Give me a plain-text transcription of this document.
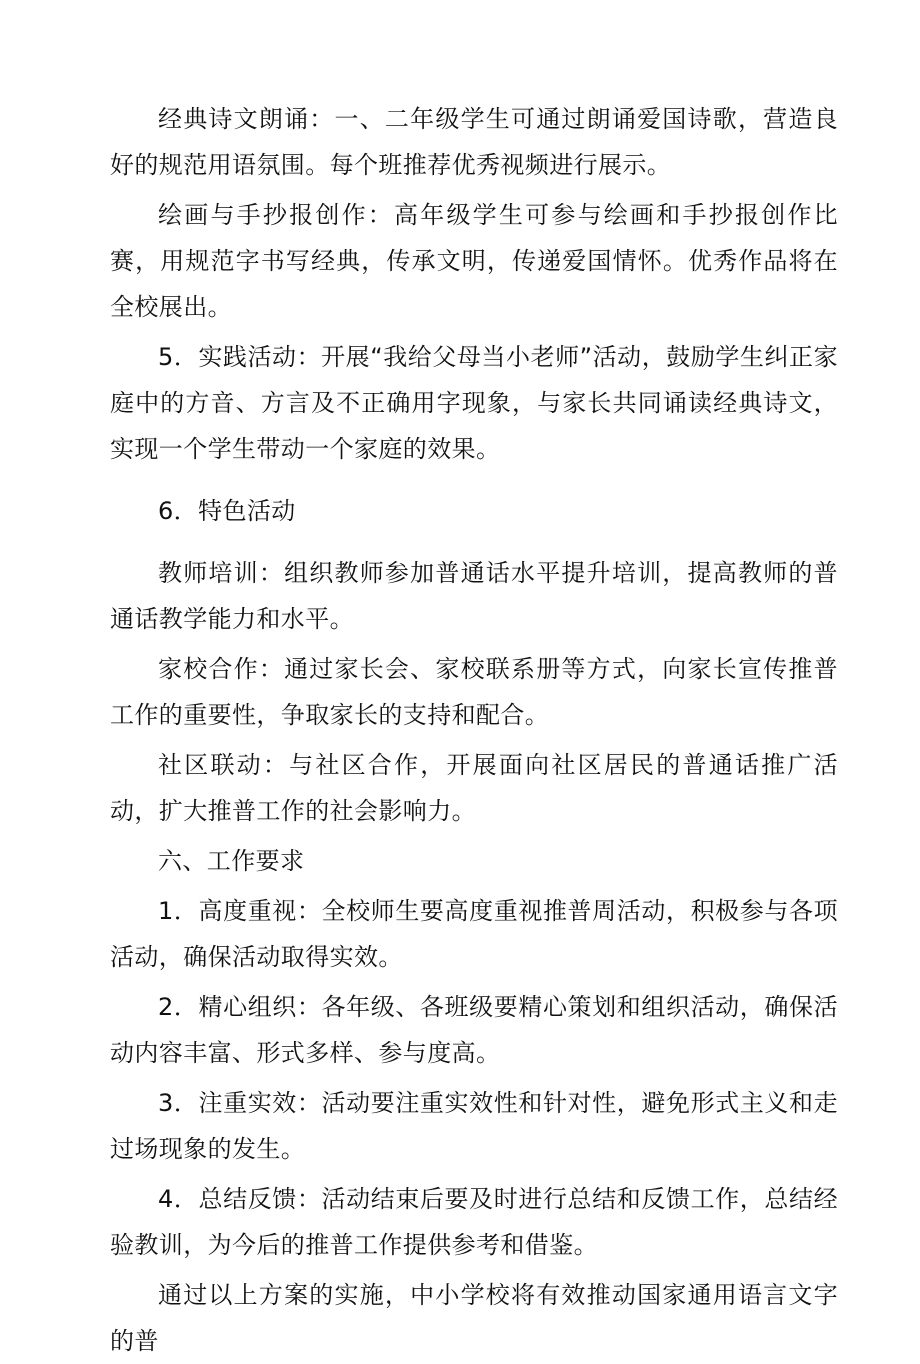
经典诗文朗诵：一、二年级学生可通过朗诵爱国诗歌，营造良好的规范用语氛围。每个班推荐优秀视频进行展示。

绘画与手抄报创作：高年级学生可参与绘画和手抄报创作比赛，用规范字书写经典，传承文明，传递爱国情怀。优秀作品将在全校展出。

5．实践活动：开展“我给父母当小老师”活动，鼓励学生纠正家庭中的方音、方言及不正确用字现象，与家长共同诵读经典诗文，实现一个学生带动一个家庭的效果。

6．特色活动

教师培训：组织教师参加普通话水平提升培训，提高教师的普通话教学能力和水平。

家校合作：通过家长会、家校联系册等方式，向家长宣传推普工作的重要性，争取家长的支持和配合。

社区联动：与社区合作，开展面向社区居民的普通话推广活动，扩大推普工作的社会影响力。

六、工作要求

1．高度重视：全校师生要高度重视推普周活动，积极参与各项活动，确保活动取得实效。

2．精心组织：各年级、各班级要精心策划和组织活动，确保活动内容丰富、形式多样、参与度高。

3．注重实效：活动要注重实效性和针对性，避免形式主义和走过场现象的发生。

4．总结反馈：活动结束后要及时进行总结和反馈工作，总结经验教训，为今后的推普工作提供参考和借鉴。

通过以上方案的实施，中小学校将有效推动国家通用语言文字的普
